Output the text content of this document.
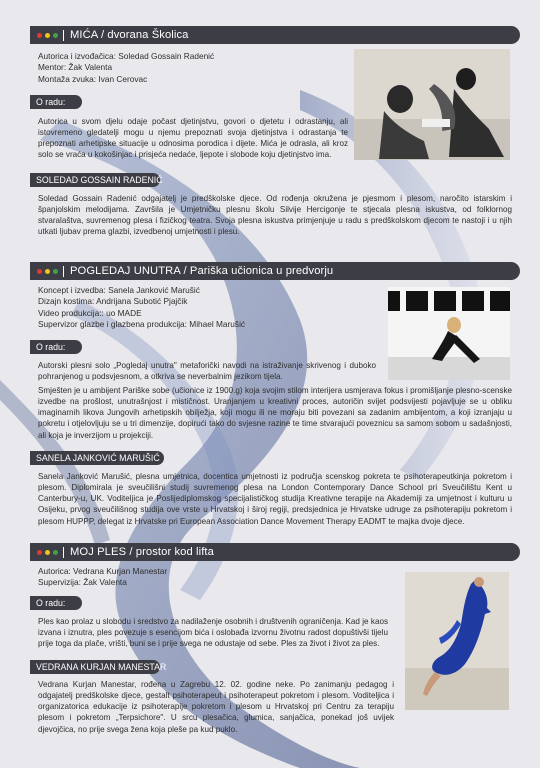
MIĆA / dvorana Školica
Autorica i izvođačica: Soledad Gossain Radenić
Mentor: Žak Valenta
Montaža zvuka: Ivan Cerovac
O radu:
Autorica u svom djelu odaje počast djetinjstvu, govori o djetetu i odrastanju, ali istovremeno gledatelji mogu u njemu prepoznati svoja djetinjstva i odrastanja te prepoznati arhetipske situacije u odnosima porodica i dijete. Mića je odrasla, ali kroz solo se vraća u kokošinjac i prisjeća nedaće, ljepote i slobode koju djetinjstvo ima.
SOLEDAD GOSSAIN RADENIĆ
Soledad Gossain Radenić odgajatelj je predškolske djece. Od rođenja okružena je pjesmom i plesom, naročito istarskim i španjolskim melodijama. Završila je Umjetničku plesnu školu Silvije Hercigonje te stjecala plesna iskustva, od folklornog stvaralaštva, suvremenog plesa i fizičkog teatra. Svoja plesna iskustva primjenjuje u radu s predškolskom djecom te nastoji i u njih utkati ljubav prema glazbi, izvedbenoj umjetnosti i plesu.
POGLEDAJ UNUTRA / Pariška učionica u predvorju
Koncept i izvedba: Sanela Janković Marušić
Dizajn kostima: Andrijana Subotić Pjajčik
Video produkcija:: uo MADE
Supervizor glazbe i glazbena produkcija: Mihael Marušić
O radu:
Autorski plesni solo „Pogledaj unutra" metaforički navodi na istraživanje skrivenog i duboko pohranjenog u podsvjesnom, a otkriva se neverbalnim jezikom tijela.
Smješten je u ambijent Pariške sobe (učionice iz 1900.g) koja svojim stilom interijera usmjerava fokus i promišljanje plesno-scenske izvedbe na prošlost, unutrašnjost i mističnost. Uranjanjem u kreativni proces, autoričin svijet podsvijesti pojavljuje se u obliku imaginarnih likova Jungovih arhetipskih obilježja, koji mogu ili ne moraju biti povezani sa zadanim ambijentom, a koji izranjaju u pokretu i otjelovljuju se u tri dimenzije, dopirući tako do svjesne razine te time stvarajući poveznicu sa samom sobom u sadašnjosti, ali koja je inverzijom u projekciji.
SANELA JANKOVIĆ MARUŠIĆ
Sanela Janković Marušić, plesna umjetnica, docentica umjetnosti iz područja scenskog pokreta te psihoterapeutkinja pokretom i plesom. Diplomirala je sveučilišni studij suvremenog plesa na London Contemporary Dance School pri Sveučilištu Kent u Canterbury-u, UK. Voditeljica je Poslijediplomskog specijalističkog studija Kreativne terapije na Akademiji za umjetnost i kulturu u Osijeku, prvog sveučilišnog studija ove vrste u Hrvatskoj i široj regiji, predsjednica je Hrvatske udruge za psihoterapiju pokretom i plesom HUPPP, delegat iz Hrvatske pri European Association Dance Movement Therapy EADMT te majka dvoje djece.
MOJ PLES / prostor kod lifta
Autorica: Vedrana Kurjan Manestar
Supervizija: Žak Valenta
O radu:
Ples kao prolaz u slobodu i sredstvo za nadilaženje osobnih i društvenih ograničenja. Kad je kaos izvana i iznutra, ples povezuje s esencijom bića i oslobađa izvornu životnu radost dopuštivši tijelu prije toga da plače, vrišti, buni se i prije svega ne odustaje od sebe. Ples za život i život za ples.
VEDRANA KURJAN MANESTAR
Vedrana Kurjan Manestar, rođena u Zagrebu 12. 02. godine neke. Po zanimanju pedagog i odgajatelj predškolske djece, gestalt psihoterapeut i psihoterapeut pokretom i plesom. Voditeljica i organizatorica edukacije iz psihoterapije pokretom i plesom u Hrvatskoj pri Centru za terapiju plesom i pokretom „Terpsichore". U srcu plesačica, glumica, sanjačica, ponekad još uvijek djevojčica, no prije svega žena koja pleše pa kud puklo.
